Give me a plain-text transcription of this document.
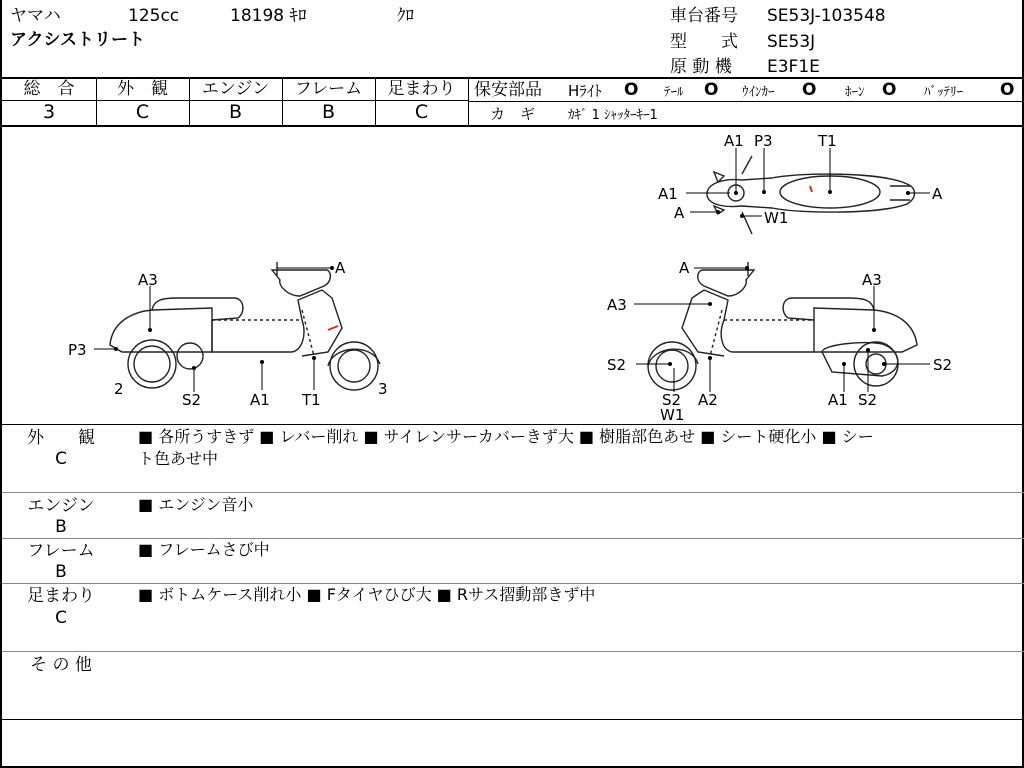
ヤマハ	125cc	18198 ｷﾛ	ｸﾛ
アクシストリート
車台番号 SE53J-103548
型　　式 SE53J
原 動 機 E3F1E
総　合
3
外　観
C
エンジン
B
フレーム
B
足まわり
C
保安部品 Hﾗｲﾄ O ﾃｰﾙ O ｳｲﾝｶｰ O ﾎｰﾝ O ﾊﾞｯﾃﾘｰ O
カ　ギ	ｶｷﾞ 1 ｼｬｯﾀｰｷｰ1
A3
A
P3
2
S2	A1 T1
3
A
A3
A3
S2
S2
W1
A2	A1 S2
S2
A1 P3	T1
A1
A	W1
A
外　　観
C
■ 各所うすきず ■ レバー削れ ■ サイレンサーカバーきず大 ■ 樹脂部色あせ ■ シート硬化小 ■ シー
ト色あせ中
エンジン
B
■ エンジン音小
フレーム
B
■ フレームさび中
足まわり
C
■ ボトムケース削れ小 ■ Fタイヤひび大 ■ Rサス摺動部きず中
そ の 他
